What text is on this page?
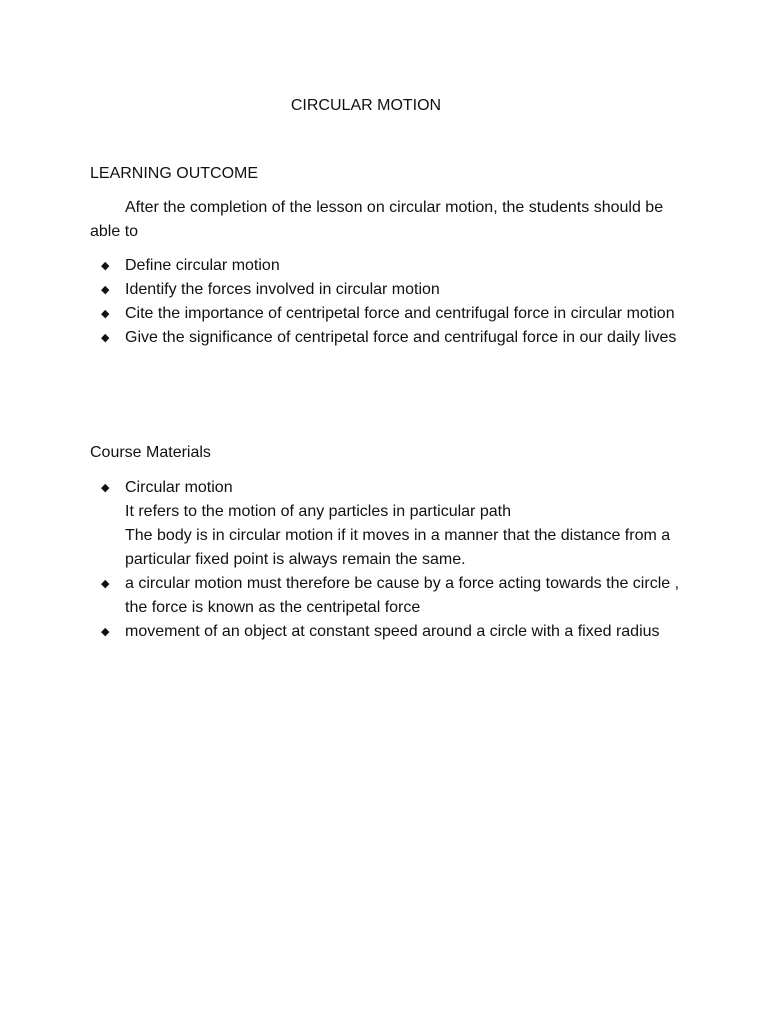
CIRCULAR MOTION
LEARNING OUTCOME

After the completion of the lesson on circular motion, the students should be able to

◆ Define circular motion
◆ Identify the forces involved in circular motion
◆ Cite the importance of centripetal force and centrifugal force in circular motion
◆ Give the significance of centripetal force and centrifugal force in our daily lives
Course Materials
◆ Circular motion
It refers to the motion of any particles in particular path
The body is in circular motion if it moves in a manner that the distance from a particular fixed point is always remain the same.
◆ a circular motion must therefore be cause by a force acting towards the circle , the force is known as the centripetal force
◆ movement of an object at constant speed around a circle with a fixed radius
